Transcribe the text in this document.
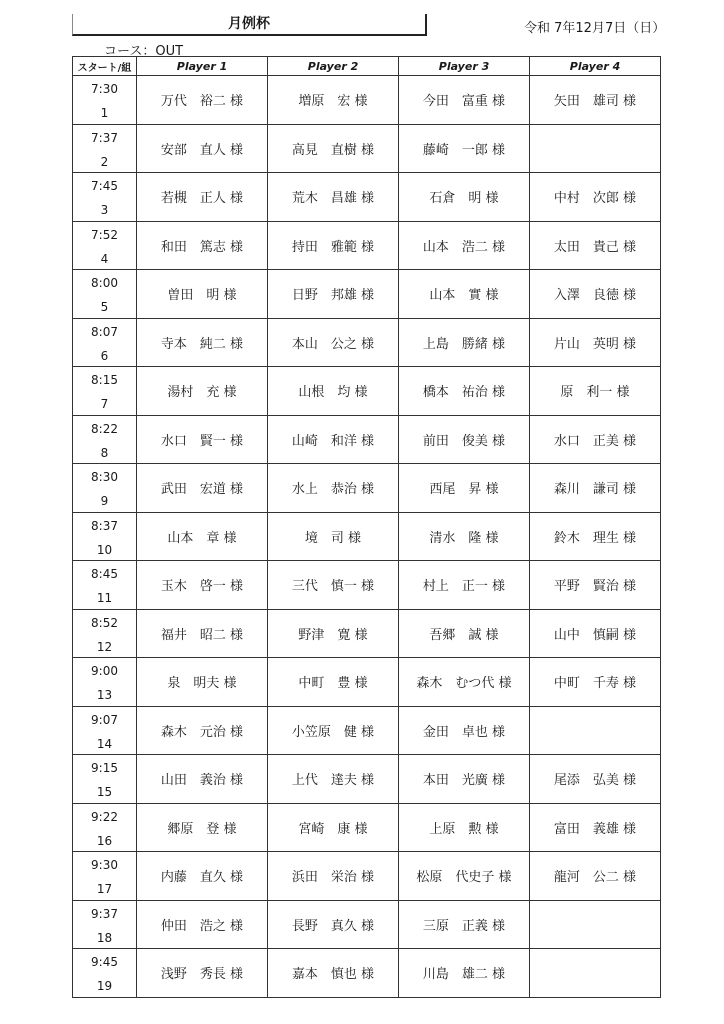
月例杯	令和 7年12月7日（日）
コース：OUT
スタート/組	Player 1	Player 2	Player 3	Player 4

7:30
1	万代　裕二 様	増原　宏 様	今田　富重 様	矢田　雄司 様

7:37
2	安部　直人 様	高見　直樹 様	藤崎　一郎 様	

7:45
3	若槻　正人 様	荒木　昌雄 様	石倉　明 様	中村　次郎 様

7:52
4	和田　篤志 様	持田　雅範 様	山本　浩二 様	太田　貴己 様

8:00
5	曽田　明 様	日野　邦雄 様	山本　實 様	入澤　良徳 様

8:07
6	寺本　純二 様	本山　公之 様	上島　勝緒 様	片山　英明 様

8:15
7	湯村　充 様	山根　均 様	橋本　祐治 様	原　利一 様

8:22
8	水口　賢一 様	山崎　和洋 様	前田　俊美 様	水口　正美 様

8:30
9	武田　宏道 様	水上　恭治 様	西尾　昇 様	森川　謙司 様

8:37
10	山本　章 様	境　司 様	清水　隆 様	鈴木　理生 様

8:45
11	玉木　啓一 様	三代　慎一 様	村上　正一 様	平野　賢治 様

8:52
12	福井　昭二 様	野津　寛 様	吾郷　誠 様	山中　慎嗣 様

9:00
13	泉　明夫 様	中町　豊 様	森木　むつ代 様	中町　千寿 様

9:07
14	森木　元治 様	小笠原　健 様	金田　卓也 様	

9:15
15	山田　義治 様	上代　達夫 様	本田　光廣 様	尾添　弘美 様

9:22
16	郷原　登 様	宮崎　康 様	上原　勲 様	富田　義雄 様

9:30
17	内藤　直久 様	浜田　栄治 様	松原　代史子 様	龍河　公二 様

9:37
18	仲田　浩之 様	長野　真久 様	三原　正義 様	

9:45
19	浅野　秀長 様	嘉本　慎也 様	川島　雄二 様	
